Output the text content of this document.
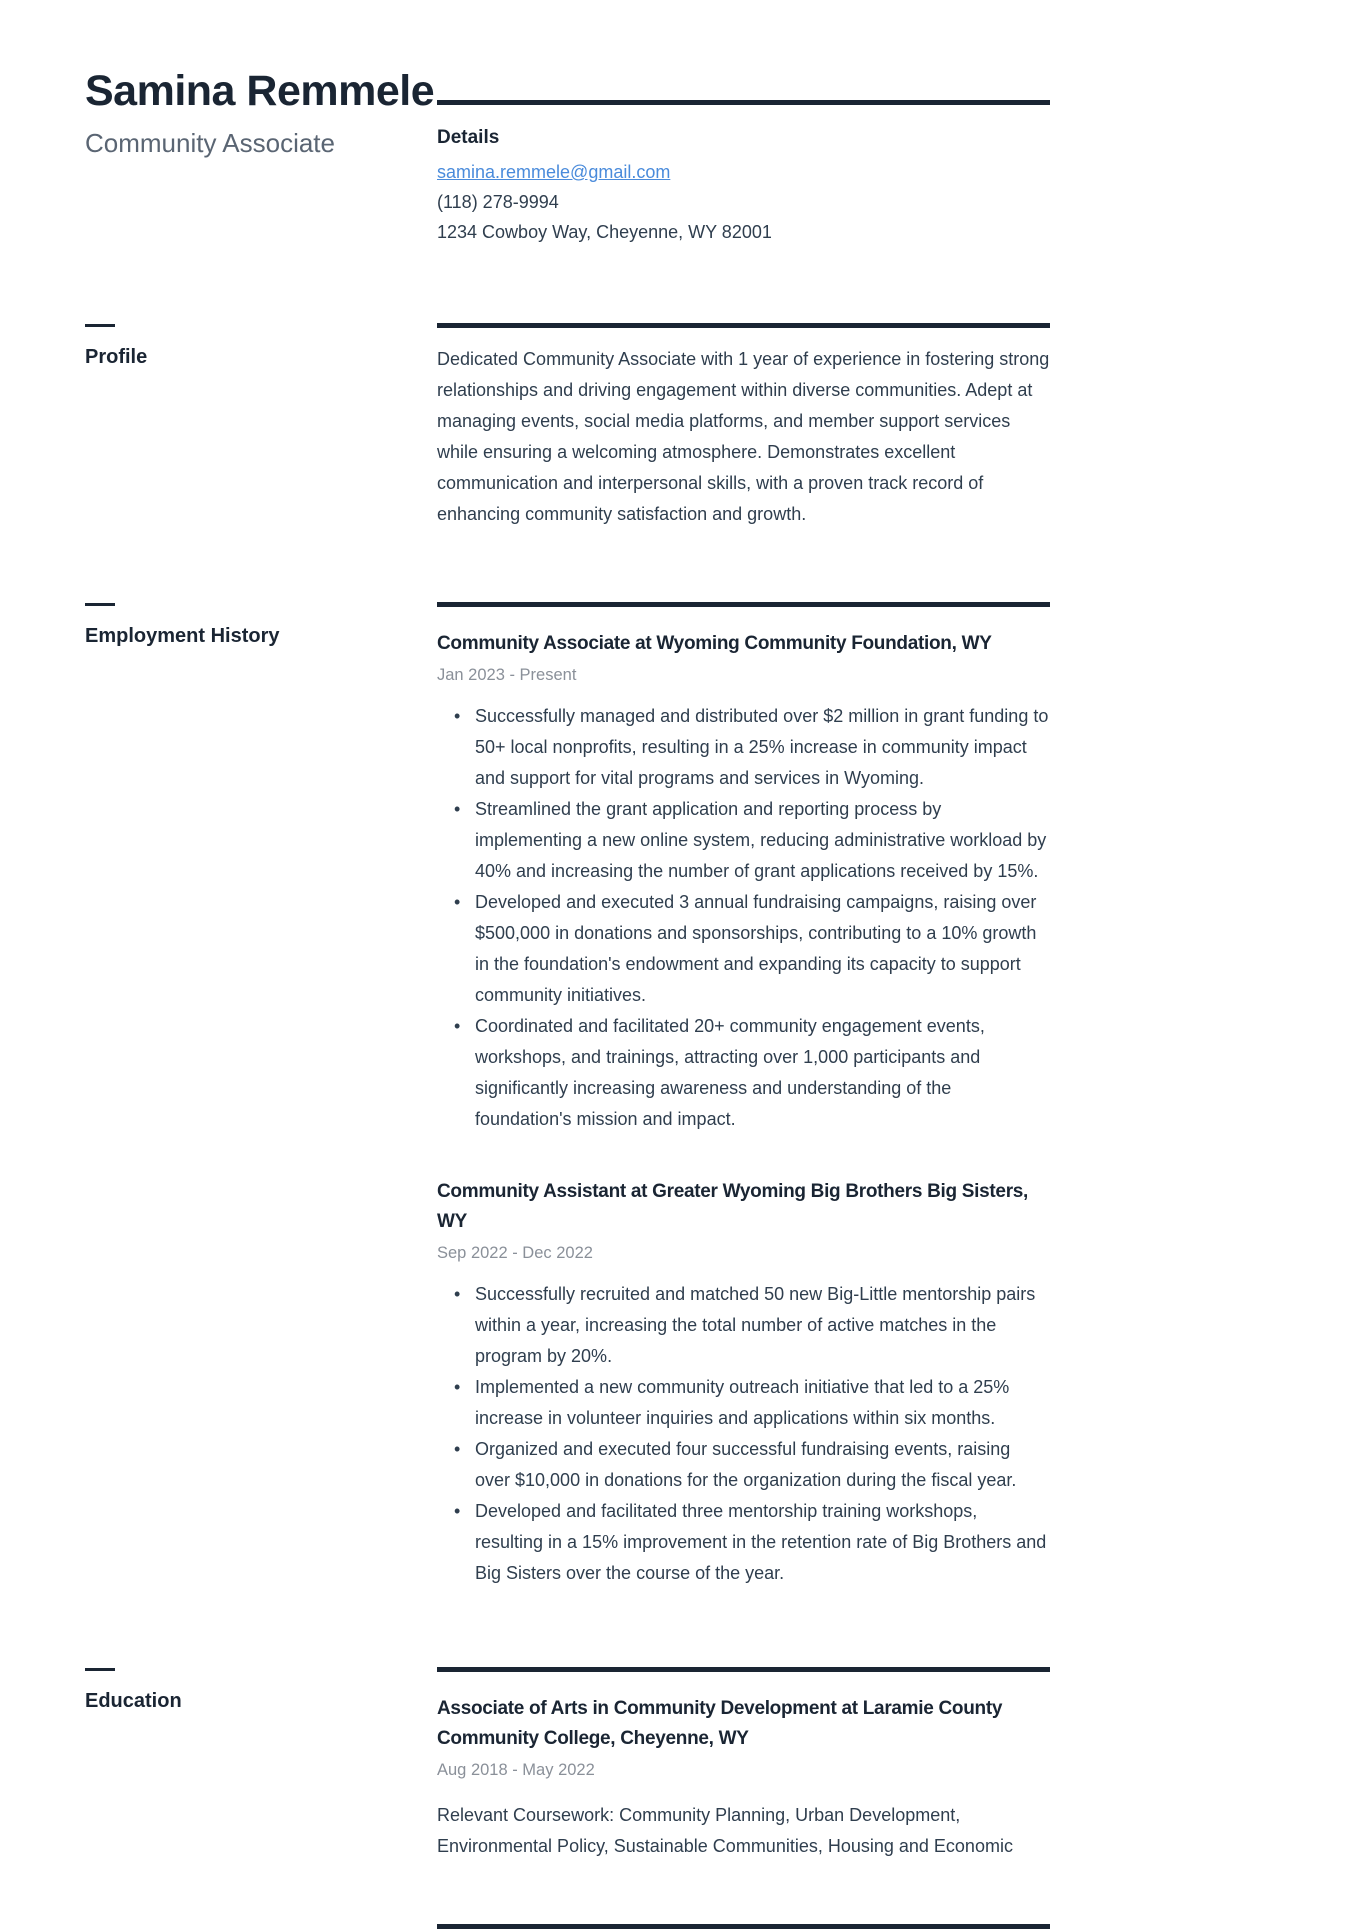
Samina Remmele
Community Associate	Details
samina.remmele@gmail.com
(118) 278-9994
1234 Cowboy Way, Cheyenne, WY 82001
Profile	Dedicated Community Associate with 1 year of experience in fostering strong relationships and driving engagement within diverse communities. Adept at managing events, social media platforms, and member support services while ensuring a welcoming atmosphere. Demonstrates excellent communication and interpersonal skills, with a proven track record of enhancing community satisfaction and growth.
Employment History	Community Associate at Wyoming Community Foundation, WY
Jan 2023 - Present
• Successfully managed and distributed over $2 million in grant funding to 50+ local nonprofits, resulting in a 25% increase in community impact and support for vital programs and services in Wyoming.
• Streamlined the grant application and reporting process by implementing a new online system, reducing administrative workload by 40% and increasing the number of grant applications received by 15%.
• Developed and executed 3 annual fundraising campaigns, raising over $500,000 in donations and sponsorships, contributing to a 10% growth in the foundation's endowment and expanding its capacity to support community initiatives.
• Coordinated and facilitated 20+ community engagement events, workshops, and trainings, attracting over 1,000 participants and significantly increasing awareness and understanding of the foundation's mission and impact.
Community Assistant at Greater Wyoming Big Brothers Big Sisters, WY
Sep 2022 - Dec 2022
• Successfully recruited and matched 50 new Big-Little mentorship pairs within a year, increasing the total number of active matches in the program by 20%.
• Implemented a new community outreach initiative that led to a 25% increase in volunteer inquiries and applications within six months.
• Organized and executed four successful fundraising events, raising over $10,000 in donations for the organization during the fiscal year.
• Developed and facilitated three mentorship training workshops, resulting in a 15% improvement in the retention rate of Big Brothers and Big Sisters over the course of the year.
Education	Associate of Arts in Community Development at Laramie County Community College, Cheyenne, WY
Aug 2018 - May 2022
Relevant Coursework: Community Planning, Urban Development, Environmental Policy, Sustainable Communities, Housing and Economic
